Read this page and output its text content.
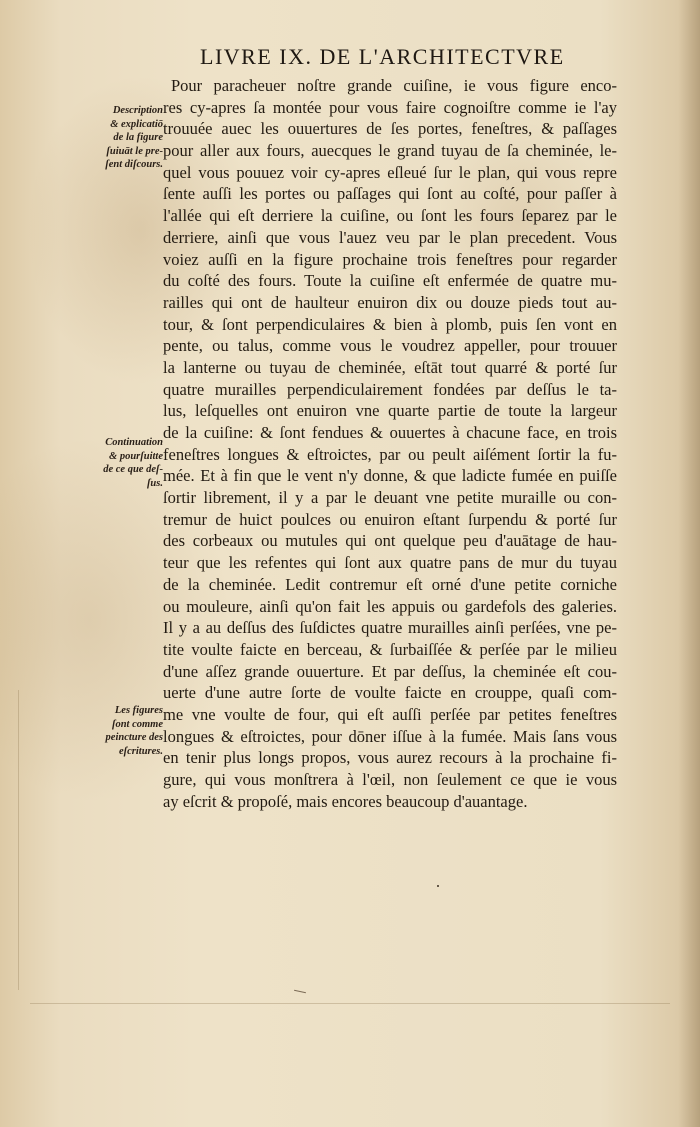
LIVRE IX. DE L'ARCHITECTVRE
Description
& explicatiō
de la figure
ſuiuāt le pre-
ſent diſcours.
Continuation
& pourſuitte
de ce que deſ-
ſus.
Les figures
ſont comme
peincture des
eſcritures.
Pour paracheuer noſtre grande cuiſine, ie vous figure enco-
res cy-apres ſa montée pour vous faire cognoiſtre comme ie l'ay
trouuée auec les ouuertures de ſes portes, feneſtres, & paſſages
pour aller aux fours, auecques le grand tuyau de ſa cheminée, le-
quel vous pouuez voir cy-apres eſleué ſur le plan, qui vous repre
ſente auſſi les portes ou paſſages qui ſont au coſté, pour paſſer à
l'allée qui eſt derriere la cuiſine, ou ſont les fours ſeparez par le
derriere, ainſi que vous l'auez veu par le plan precedent. Vous
voiez auſſi en la figure prochaine trois feneſtres pour regarder
du coſté des fours. Toute la cuiſine eſt enfermée de quatre mu-
railles qui ont de haulteur enuiron dix ou douze pieds tout au-
tour, & ſont perpendiculaires & bien à plomb, puis ſen vont en
pente, ou talus, comme vous le voudrez appeller, pour trouuer
la lanterne ou tuyau de cheminée, eſtāt tout quarré & porté ſur
quatre murailles perpendiculairement fondées par deſſus le ta-
lus, leſquelles ont enuiron vne quarte partie de toute la largeur
de la cuiſine: & ſont fendues & ouuertes à chacune face, en trois
feneſtres longues & eſtroictes, par ou peult aiſément ſortir la fu-
mée. Et à fin que le vent n'y donne, & que ladicte fumée en puiſſe
ſortir librement, il y a par le deuant vne petite muraille ou con-
tremur de huict poulces ou enuiron eſtant ſurpendu & porté ſur
des corbeaux ou mutules qui ont quelque peu d'auātage de hau-
teur que les refentes qui ſont aux quatre pans de mur du tuyau
de la cheminée. Ledit contremur eſt orné d'une petite corniche
ou mouleure, ainſi qu'on fait les appuis ou gardefols des galeries.
Il y a au deſſus des ſuſdictes quatre murailles ainſi perſées, vne pe-
tite voulte faicte en berceau, & ſurbaiſſée & perſée par le milieu
d'une aſſez grande ouuerture. Et par deſſus, la cheminée eſt cou-
uerte d'une autre ſorte de voulte faicte en crouppe, quaſi com-
me vne voulte de four, qui eſt auſſi perſée par petites feneſtres
longues & eſtroictes, pour dōner iſſue à la fumée. Mais ſans vous
en tenir plus longs propos, vous aurez recours à la prochaine fi-
gure, qui vous monſtrera à l'œil, non ſeulement ce que ie vous
ay eſcrit & propoſé, mais encores beaucoup d'auantage.
